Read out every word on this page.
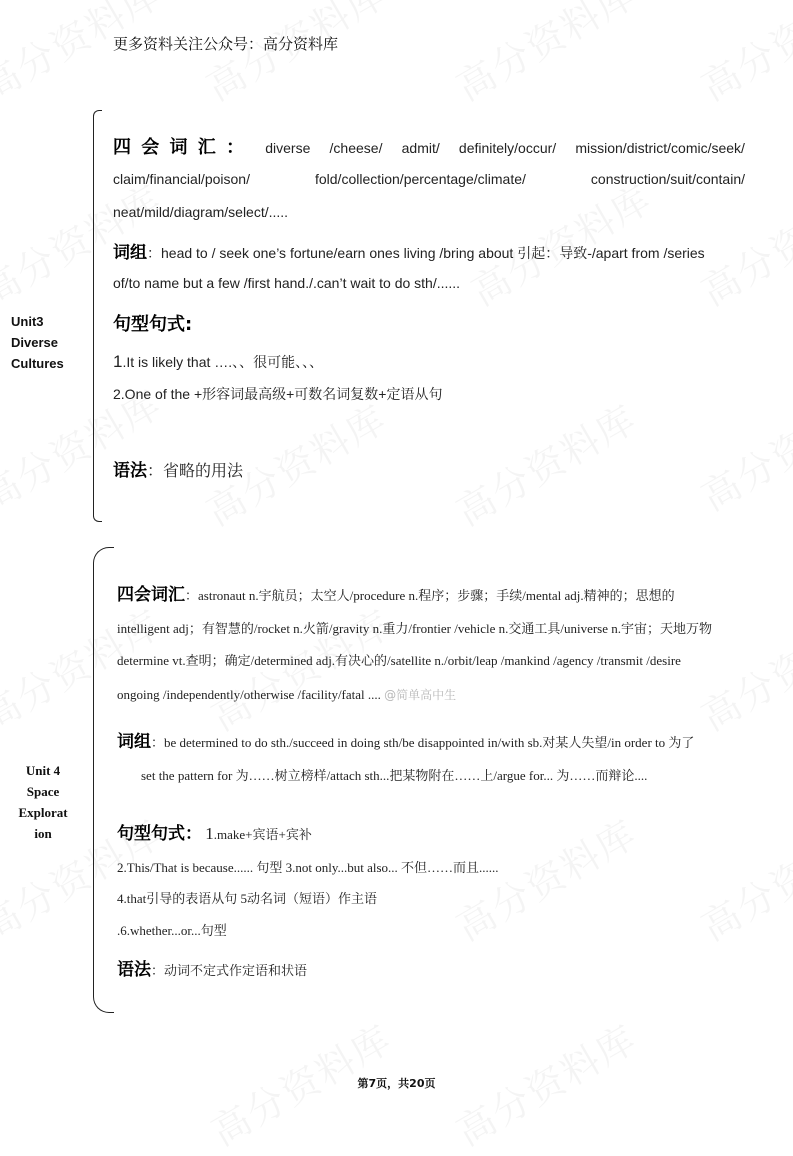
更多资料关注公众号：高分资料库
Unit3
Diverse
Cultures
四 会 词 汇 ： diverse /cheese/ admit/ definitely/occur/ mission/district/comic/seek/
claim/financial/poison/	fold/collection/percentage/climate/	construction/suit/contain/
neat/mild/diagram/select/.....
词组：head to / seek one’s fortune/earn ones living /bring about 引起：导致-/apart from /series
of/to name but a few /first hand./.can’t wait to do sth/......
句型句式:
1.It is likely that ….、、很可能、、、
2.One of the +形容词最高级+可数名词复数+定语从句
语法：省略的用法
Unit 4
Space
Explorat
ion
四会词汇：astronaut n.宇航员；太空人/procedure n.程序；步骤；手续/mental adj.精神的；思想的
intelligent adj；有智慧的/rocket n.火箭/gravity n.重力/frontier /vehicle n.交通工具/universe n.宇宙；天地万物
determine vt.查明；确定/determined adj.有决心的/satellite n./orbit/leap /mankind /agency /transmit /desire
ongoing /independently/otherwise /facility/fatal .... @简单高中生
词组：be determined to do sth./succeed in doing sth/be disappointed in/with sb.对某人失望/in order to 为了
set the pattern for 为……树立榜样/attach sth...把某物附在……上/argue for... 为……而辩论....
句型句式： 1.make+宾语+宾补
2.This/That is because...... 句型 3.not only...but also... 不但……而且......
4.that引导的表语从句 5动名词（短语）作主语
.6.whether...or...句型
语法：动词不定式作定语和状语
第7页，共20页
